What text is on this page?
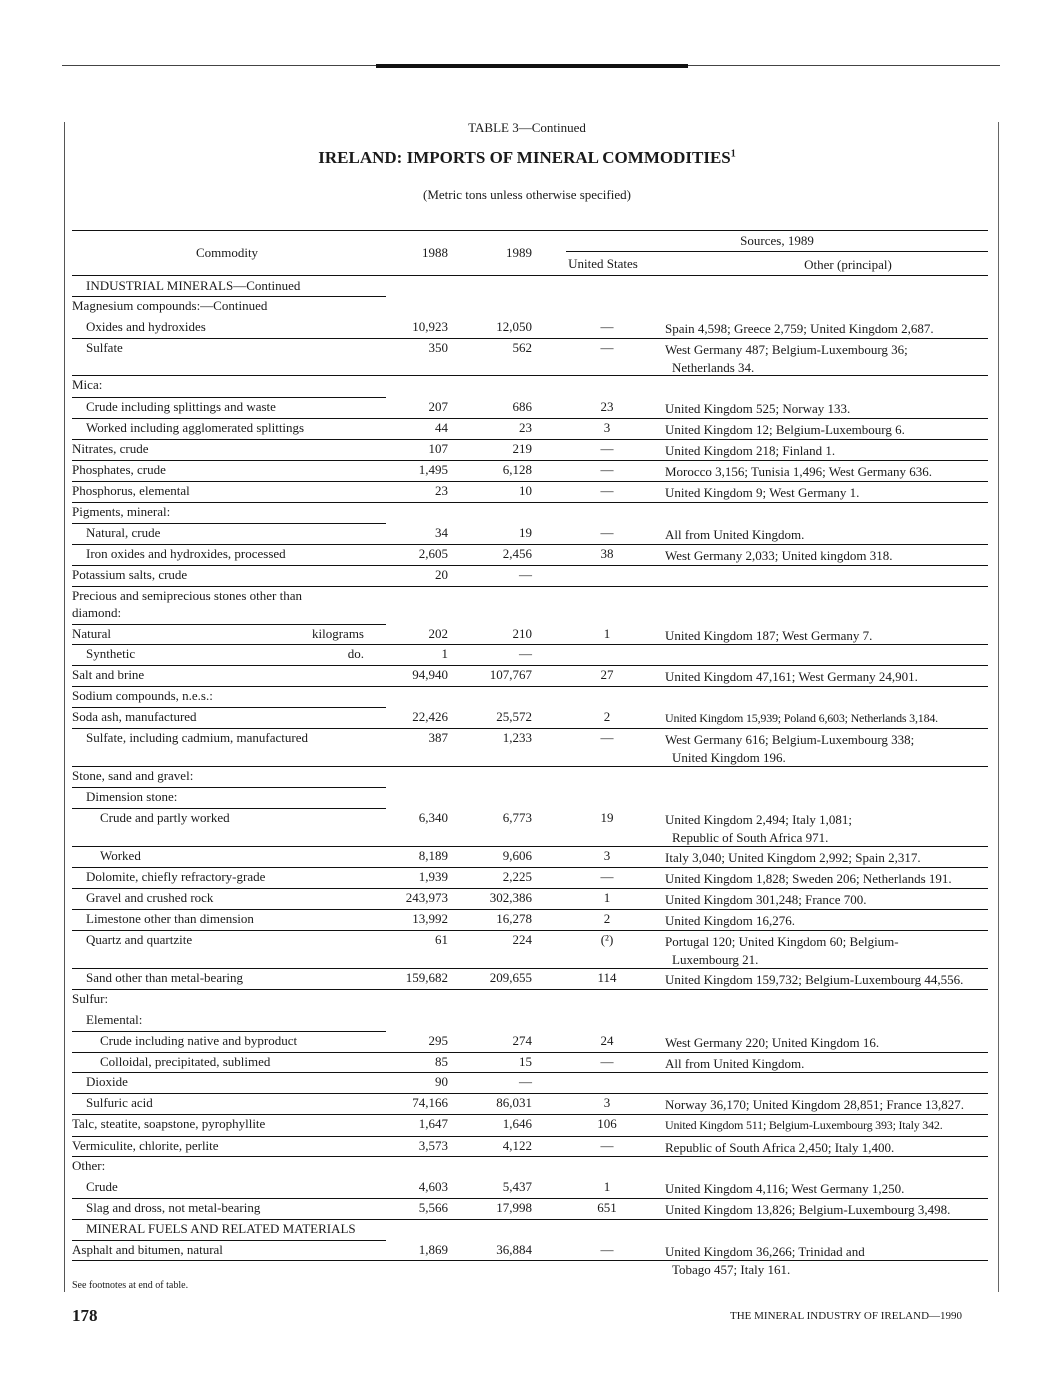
TABLE 3—Continued
IRELAND: IMPORTS OF MINERAL COMMODITIES$^1$
(Metric tons unless otherwise specified)
Commodity	1988	1989
Sources, 1989
United States	Other (principal)
INDUSTRIAL MINERALS—Continued
Magnesium compounds:—Continued
Oxides and hydroxides	10,923	12,050	—	Spain 4,598; Greece 2,759; United Kingdom 2,687.
Sulfate	350	562	—	West Germany 487; Belgium-Luxembourg 36;
Netherlands 34.
Mica:
Crude including splittings and waste	207	686	23	United Kingdom 525; Norway 133.
Worked including agglomerated splittings	44	23	3	United Kingdom 12; Belgium-Luxembourg 6.
Nitrates, crude	107	219	—	United Kingdom 218; Finland 1.
Phosphates, crude	1,495	6,128	—	Morocco 3,156; Tunisia 1,496; West Germany 636.
Phosphorus, elemental	23	10	—	United Kingdom 9; West Germany 1.
Pigments, mineral:
Natural, crude	34	19	—	All from United Kingdom.
Iron oxides and hydroxides, processed	2,605	2,456	38	West Germany 2,033; United kingdom 318.
Potassium salts, crude	20	—
Precious and semiprecious stones other than
diamond:
Natural	kilograms	202	210	1	United Kingdom 187; West Germany 7.
Synthetic	do.	1	—
Salt and brine	94,940	107,767	27	United Kingdom 47,161; West Germany 24,901.
Sodium compounds, n.e.s.:
Soda ash, manufactured	22,426	25,572	2	United Kingdom 15,939; Poland 6,603; Netherlands 3,184.
Sulfate, including cadmium, manufactured	387	1,233	—	West Germany 616; Belgium-Luxembourg 338;
United Kingdom 196.
Stone, sand and gravel:
Dimension stone:
Crude and partly worked	6,340	6,773	19	United Kingdom 2,494; Italy 1,081;
Republic of South Africa 971.
Worked	8,189	9,606	3	Italy 3,040; United Kingdom 2,992; Spain 2,317.
Dolomite, chiefly refractory-grade	1,939	2,225	—	United Kingdom 1,828; Sweden 206; Netherlands 191.
Gravel and crushed rock	243,973	302,386	1	United Kingdom 301,248; France 700.
Limestone other than dimension	13,992	16,278	2	United Kingdom 16,276.
Quartz and quartzite	61	224	(²)	Portugal 120; United Kingdom 60; Belgium-
Luxembourg 21.
Sand other than metal-bearing	159,682	209,655	114	United Kingdom 159,732; Belgium-Luxembourg 44,556.
Sulfur:
Elemental:
Crude including native and byproduct	295	274	24	West Germany 220; United Kingdom 16.
Colloidal, precipitated, sublimed	85	15	—	All from United Kingdom.
Dioxide	90	—
Sulfuric acid	74,166	86,031	3	Norway 36,170; United Kingdom 28,851; France 13,827.
Talc, steatite, soapstone, pyrophyllite	1,647	1,646	106	United Kingdom 511; Belgium-Luxembourg 393; Italy 342.
Vermiculite, chlorite, perlite	3,573	4,122	—	Republic of South Africa 2,450; Italy 1,400.
Other:
Crude	4,603	5,437	1	United Kingdom 4,116; West Germany 1,250.
Slag and dross, not metal-bearing	5,566	17,998	651	United Kingdom 13,826; Belgium-Luxembourg 3,498.
MINERAL FUELS AND RELATED MATERIALS
Asphalt and bitumen, natural	1,869	36,884	—	United Kingdom 36,266; Trinidad and
Tobago 457; Italy 161.
See footnotes at end of table.
178	THE MINERAL INDUSTRY OF IRELAND—1990
